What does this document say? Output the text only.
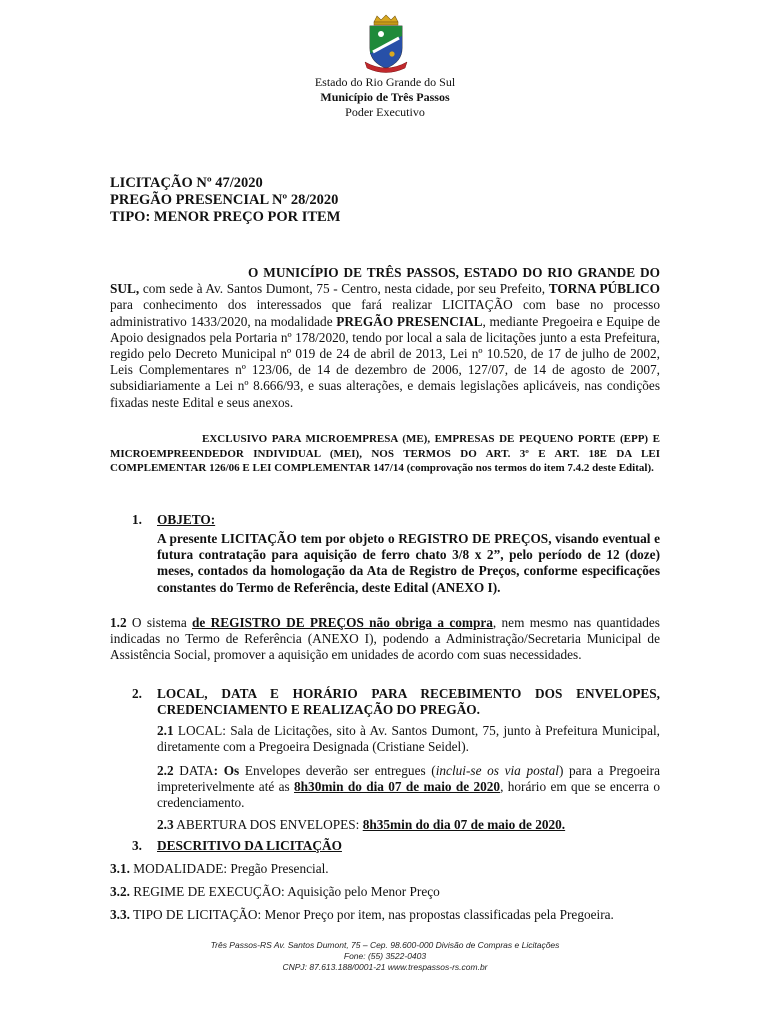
Estado do Rio Grande do Sul
Município de Três Passos
Poder Executivo
LICITAÇÃO Nº 47/2020
PREGÃO PRESENCIAL Nº 28/2020
TIPO: MENOR PREÇO POR ITEM
O MUNICÍPIO DE TRÊS PASSOS, ESTADO DO RIO GRANDE DO SUL, com sede à Av. Santos Dumont, 75 - Centro, nesta cidade, por seu Prefeito, TORNA PÚBLICO para conhecimento dos interessados que fará realizar LICITAÇÃO com base no processo administrativo 1433/2020, na modalidade PREGÃO PRESENCIAL, mediante Pregoeira e Equipe de Apoio designados pela Portaria nº 178/2020, tendo por local a sala de licitações junto a esta Prefeitura, regido pelo Decreto Municipal nº 019 de 24 de abril de 2013, Lei nº 10.520, de 17 de julho de 2002, Leis Complementares nº 123/06, de 14 de dezembro de 2006, 127/07, de 14 de agosto de 2007, subsidiariamente a Lei nº 8.666/93, e suas alterações, e demais legislações aplicáveis, nas condições fixadas neste Edital e seus anexos.
EXCLUSIVO PARA MICROEMPRESA (ME), EMPRESAS DE PEQUENO PORTE (EPP) E MICROEMPREENDEDOR INDIVIDUAL (MEI), NOS TERMOS DO ART. 3º E ART. 18E DA LEI COMPLEMENTAR 126/06 E LEI COMPLEMENTAR 147/14 (comprovação nos termos do item 7.4.2 deste Edital).
1. OBJETO:
A presente LICITAÇÃO tem por objeto o REGISTRO DE PREÇOS, visando eventual e futura contratação para aquisição de ferro chato 3/8 x 2”, pelo período de 12 (doze) meses, contados da homologação da Ata de Registro de Preços, conforme especificações constantes do Termo de Referência, deste Edital (ANEXO I).
1.2 O sistema de REGISTRO DE PREÇOS não obriga a compra, nem mesmo nas quantidades indicadas no Termo de Referência (ANEXO I), podendo a Administração/Secretaria Municipal de Assistência Social, promover a aquisição em unidades de acordo com suas necessidades.
2. LOCAL, DATA E HORÁRIO PARA RECEBIMENTO DOS ENVELOPES, CREDENCIAMENTO E REALIZAÇÃO DO PREGÃO.
2.1 LOCAL: Sala de Licitações, sito à Av. Santos Dumont, 75, junto à Prefeitura Municipal, diretamente com a Pregoeira Designada (Cristiane Seidel).
2.2 DATA: Os Envelopes deverão ser entregues (inclui-se os via postal) para a Pregoeira impreterivelmente até as 8h30min do dia 07 de maio de 2020, horário em que se encerra o credenciamento.
2.3 ABERTURA DOS ENVELOPES: 8h35min do dia 07 de maio de 2020.
3. DESCRITIVO DA LICITAÇÃO
3.1. MODALIDADE: Pregão Presencial.
3.2. REGIME DE EXECUÇÃO: Aquisição pelo Menor Preço
3.3. TIPO DE LICITAÇÃO: Menor Preço por item, nas propostas classificadas pela Pregoeira.
Três Passos-RS Av. Santos Dumont, 75 – Cep. 98.600-000 Divisão de Compras e Licitações
Fone: (55) 3522-0403
CNPJ: 87.613.188/0001-21 www.trespassos-rs.com.br
